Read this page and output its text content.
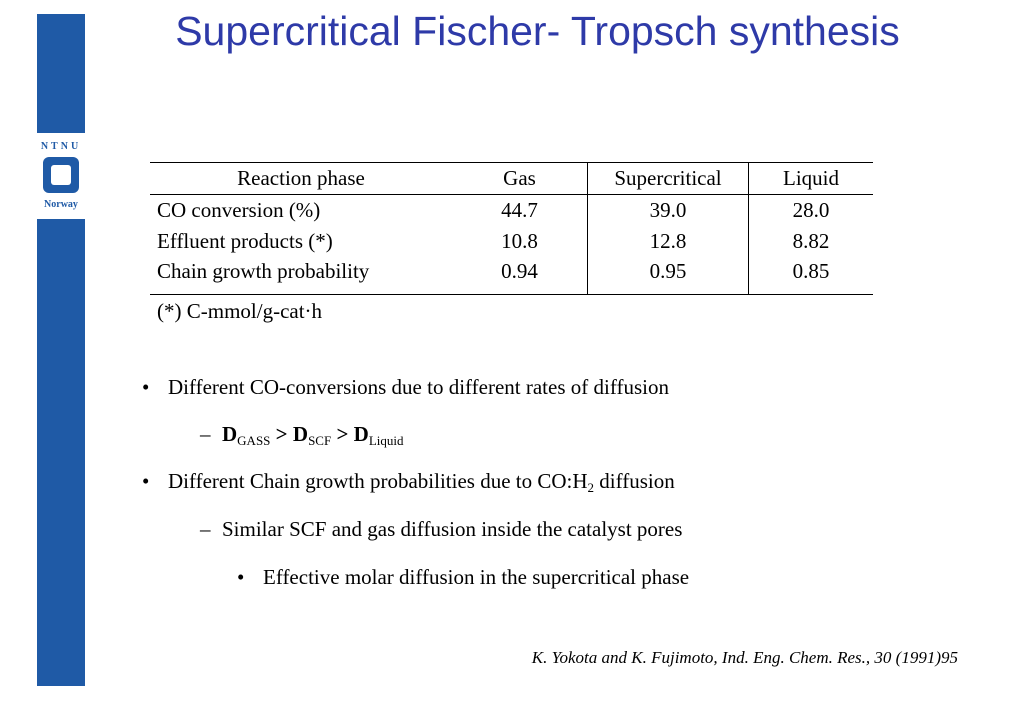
NTNU
Norway
Supercritical Fischer- Tropsch synthesis
Reaction phase	Gas	Supercritical	Liquid
CO conversion (%)	44.7	39.0	28.0
Effluent products (*)	10.8	12.8	8.82
Chain growth probability	0.94	0.95	0.85
(*) C-mmol/g-cat·h
• Different CO-conversions due to different rates of diffusion
– $D_{GASS} > D_{SCF} > D_{Liquid}$
• Different Chain growth probabilities due to $CO:H_2$ diffusion
– Similar SCF and gas diffusion inside the catalyst pores
• Effective molar diffusion in the supercritical phase
K. Yokota and K. Fujimoto, Ind. Eng. Chem. Res., 30 (1991)95
